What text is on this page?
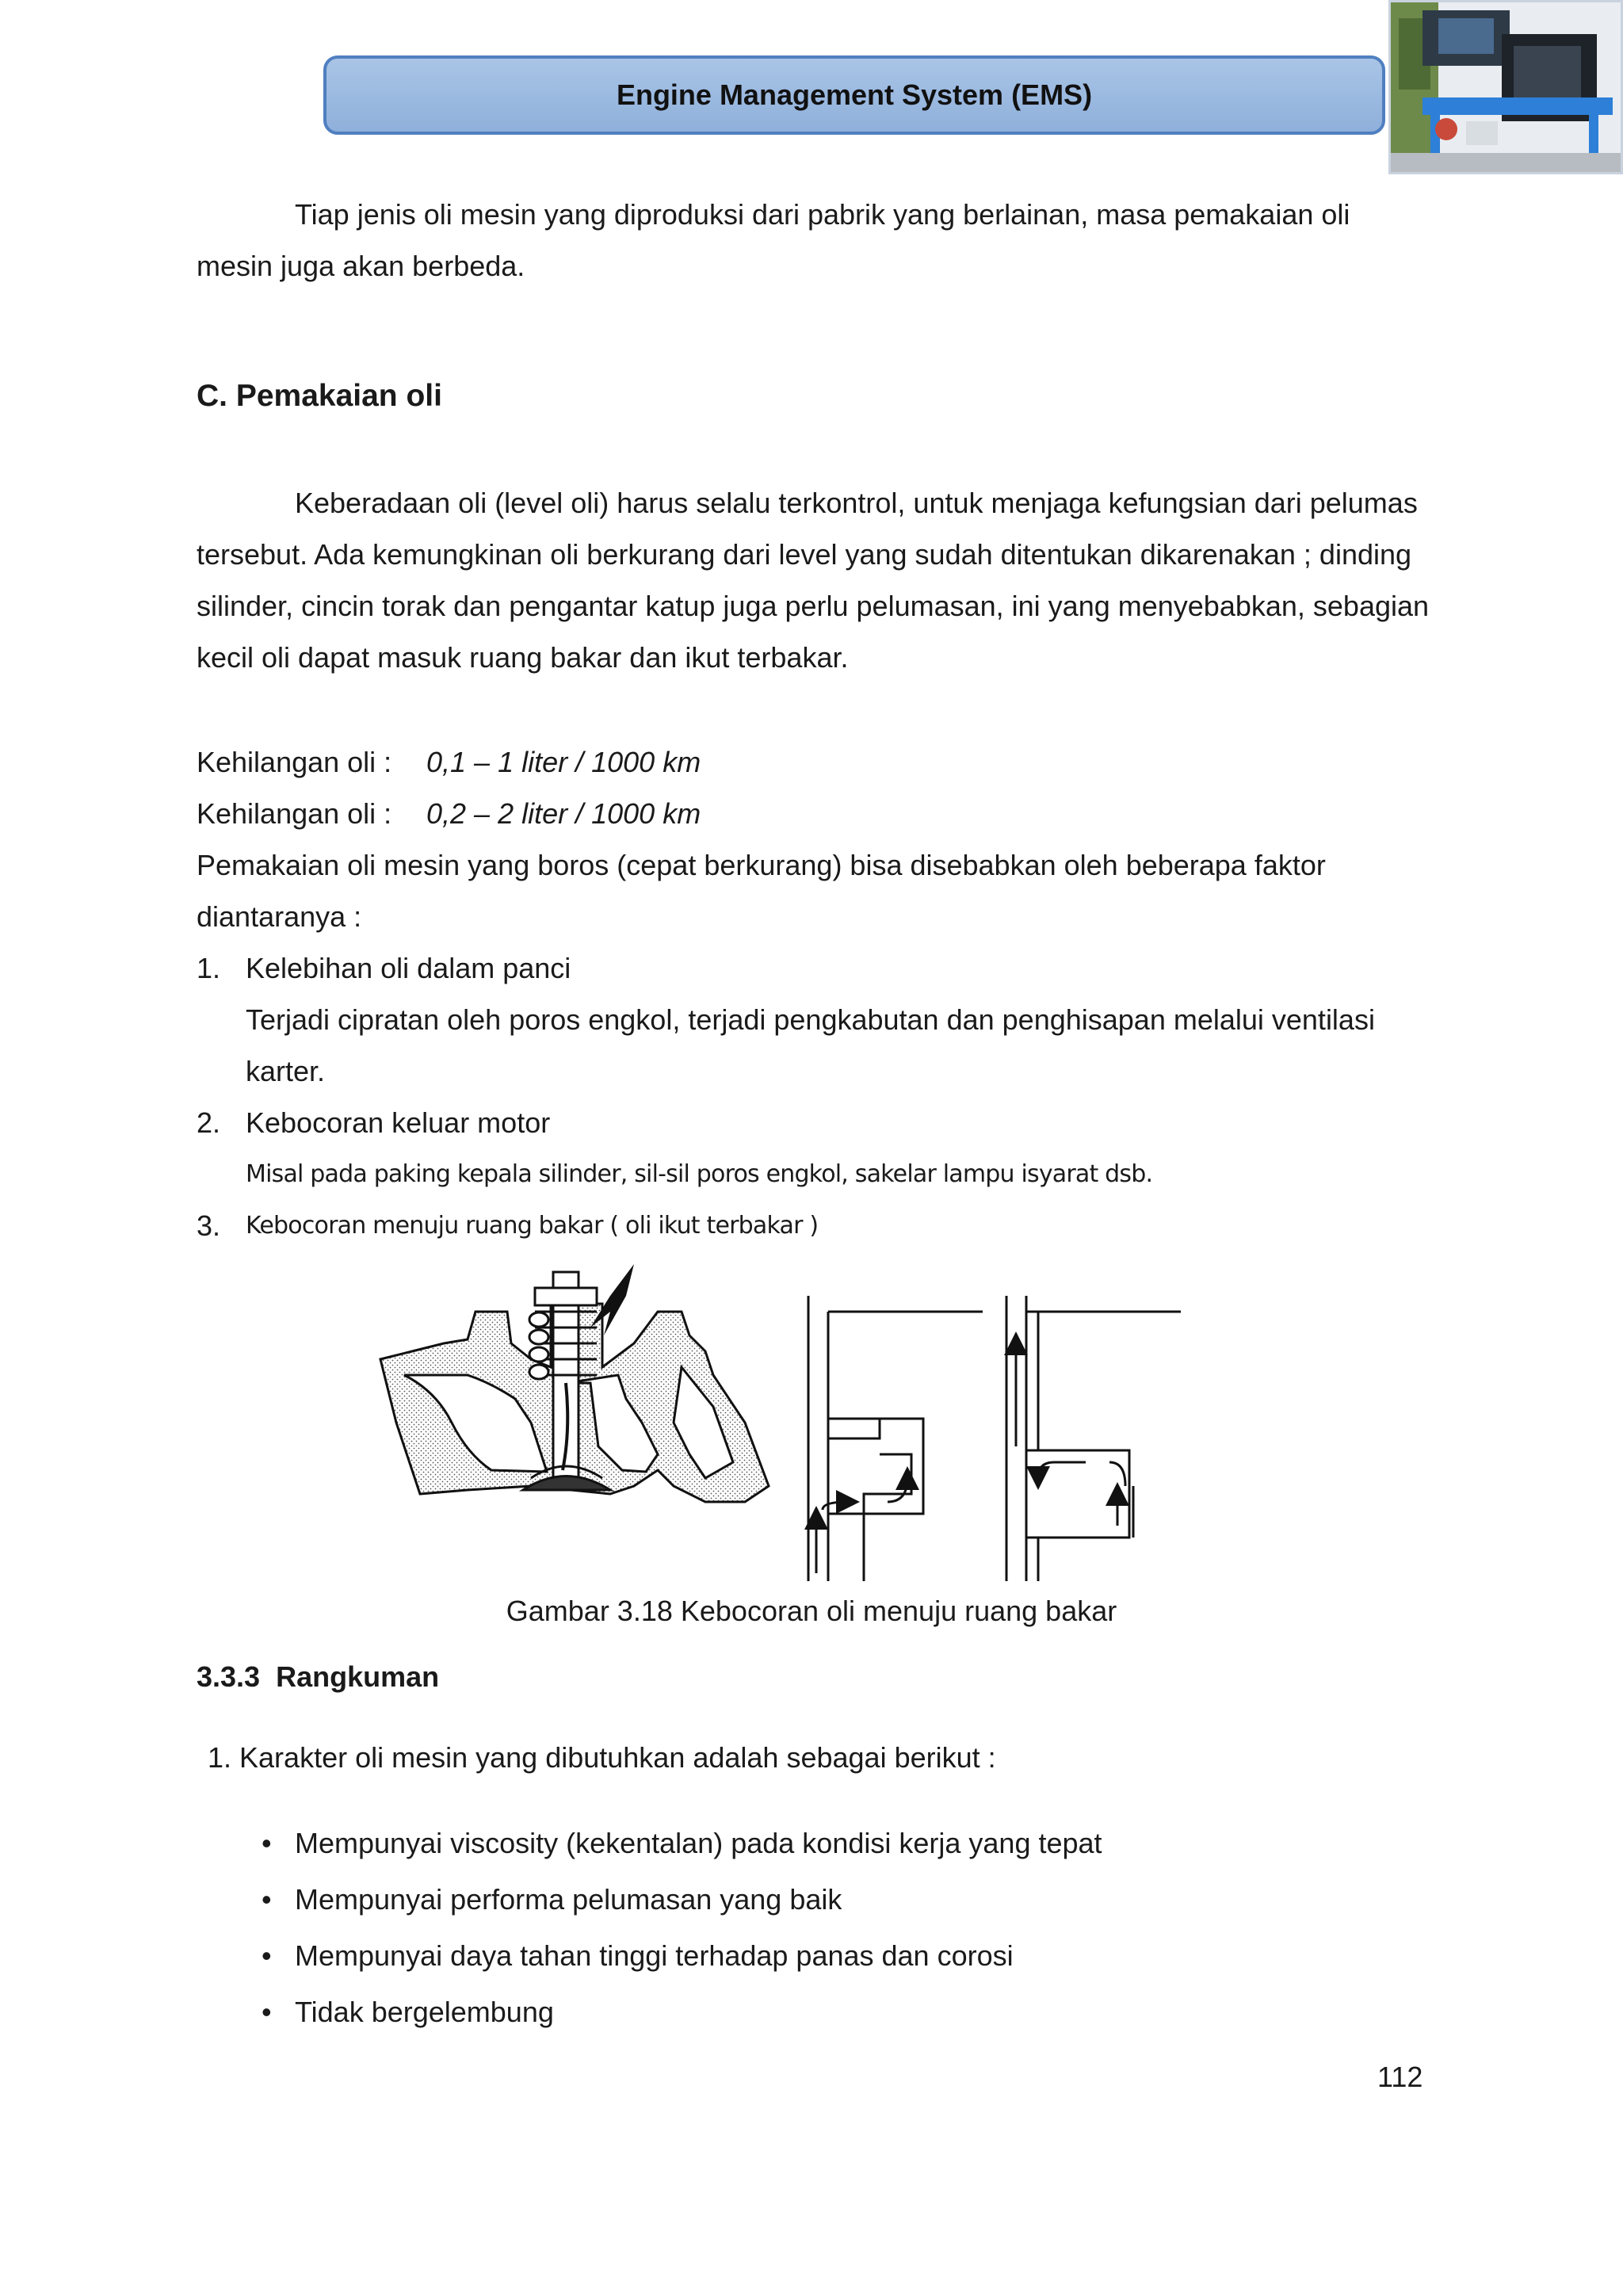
Engine Management System (EMS)

Tiap jenis oli mesin yang diproduksi dari pabrik yang berlainan, masa pemakaian oli mesin juga akan berbeda.

C. Pemakaian oli

Keberadaan oli (level oli) harus selalu terkontrol, untuk menjaga kefungsian dari pelumas tersebut. Ada kemungkinan oli berkurang dari level yang sudah ditentukan dikarenakan ; dinding silinder, cincin torak dan pengantar katup juga perlu pelumasan, ini yang menyebabkan, sebagian kecil oli dapat masuk ruang bakar dan ikut terbakar.

Kehilangan oli : 0,1 – 1 liter / 1000 km
Kehilangan oli : 0,2 – 2 liter / 1000 km

Pemakaian oli mesin yang boros (cepat berkurang) bisa disebabkan oleh beberapa faktor diantaranya :

1. Kelebihan oli dalam panci
Terjadi cipratan oleh poros engkol, terjadi pengkabutan dan penghisapan melalui ventilasi karter.
2. Kebocoran keluar motor
Misal pada paking kepala silinder, sil-sil poros engkol, sakelar lampu isyarat dsb.
3. Kebocoran menuju ruang bakar ( oli ikut terbakar )
Gambar 3.18 Kebocoran oli menuju ruang bakar
3.3.3 Rangkuman

1. Karakter oli mesin yang dibutuhkan adalah sebagai berikut :

• Mempunyai viscosity (kekentalan) pada kondisi kerja yang tepat
• Mempunyai performa pelumasan yang baik
• Mempunyai daya tahan tinggi terhadap panas dan corosi
• Tidak bergelembung
112
